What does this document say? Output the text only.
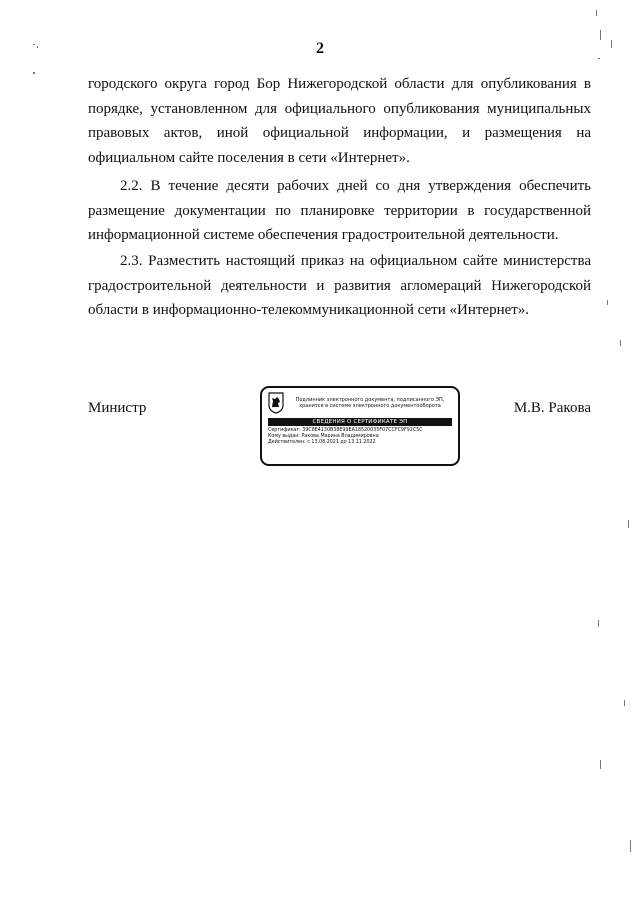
2
городского округа город Бор Нижегородской области для опубликования в порядке, установленном для официального опубликования муниципальных правовых актов, иной официальной информации, и размещения на официальном сайте поселения в сети «Интернет».
2.2. В течение десяти рабочих дней со дня утверждения обеспечить размещение документации по планировке территории в государственной информационной системе обеспечения градостроительной деятельности.
2.3. Разместить настоящий приказ на официальном сайте министерства градостроительной деятельности и развития агломераций Нижегородской области в информационно-телекоммуникационной сети «Интернет».
Министр	М.В. Ракова
Подлинник электронного документа, подписанного ЭП, хранится в системе электронного документооборота
СВЕДЕНИЯ О СЕРТИФИКАТЕ ЭП
Сертификат: 39C8E4130B38E99EA18520035F07CCFC9F92C5C
Кому выдан: Ракова Марина Владимировна
Действителен: с 13.08.2021 до 13.11.2022
